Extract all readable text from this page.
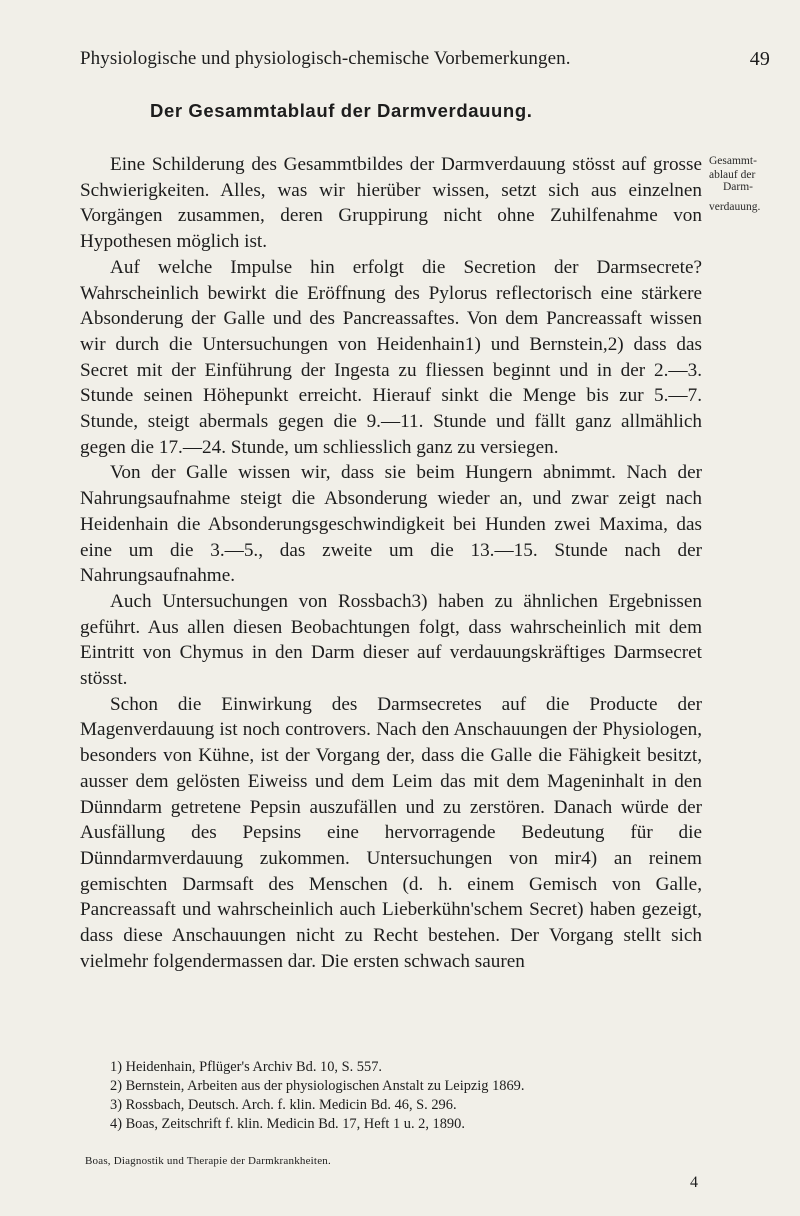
Physiologische und physiologisch-chemische Vorbemerkungen.	49
Der Gesammtablauf der Darmverdauung.
Gesammt-
ablauf der
Darm-
verdauung.

Eine Schilderung des Gesammtbildes der Darmverdauung stösst auf grosse Schwierigkeiten. Alles, was wir hierüber wissen, setzt sich aus einzelnen Vorgängen zusammen, deren Gruppirung nicht ohne Zuhilfenahme von Hypothesen möglich ist.

Auf welche Impulse hin erfolgt die Secretion der Darmsecrete? Wahrscheinlich bewirkt die Eröffnung des Pylorus reflectorisch eine stärkere Absonderung der Galle und des Pancreassaftes. Von dem Pancreassaft wissen wir durch die Untersuchungen von Heidenhain1) und Bernstein,2) dass das Secret mit der Einführung der Ingesta zu fliessen beginnt und in der 2.—3. Stunde seinen Höhepunkt erreicht. Hierauf sinkt die Menge bis zur 5.—7. Stunde, steigt abermals gegen die 9.—11. Stunde und fällt ganz allmählich gegen die 17.—24. Stunde, um schliesslich ganz zu versiegen.

Von der Galle wissen wir, dass sie beim Hungern abnimmt. Nach der Nahrungsaufnahme steigt die Absonderung wieder an, und zwar zeigt nach Heidenhain die Absonderungsgeschwindigkeit bei Hunden zwei Maxima, das eine um die 3.—5., das zweite um die 13.—15. Stunde nach der Nahrungsaufnahme.

Auch Untersuchungen von Rossbach3) haben zu ähnlichen Ergebnissen geführt. Aus allen diesen Beobachtungen folgt, dass wahrscheinlich mit dem Eintritt von Chymus in den Darm dieser auf verdauungskräftiges Darmsecret stösst.

Schon die Einwirkung des Darmsecretes auf die Producte der Magenverdauung ist noch controvers. Nach den Anschauungen der Physiologen, besonders von Kühne, ist der Vorgang der, dass die Galle die Fähigkeit besitzt, ausser dem gelösten Eiweiss und dem Leim das mit dem Mageninhalt in den Dünndarm getretene Pepsin auszufällen und zu zerstören. Danach würde der Ausfällung des Pepsins eine hervorragende Bedeutung für die Dünndarmverdauung zukommen. Untersuchungen von mir4) an reinem gemischten Darmsaft des Menschen (d. h. einem Gemisch von Galle, Pancreassaft und wahrscheinlich auch Lieberkühn'schem Secret) haben gezeigt, dass diese Anschauungen nicht zu Recht bestehen. Der Vorgang stellt sich vielmehr folgendermassen dar. Die ersten schwach sauren

1) Heidenhain, Pflüger's Archiv Bd. 10, S. 557.
2) Bernstein, Arbeiten aus der physiologischen Anstalt zu Leipzig 1869.
3) Rossbach, Deutsch. Arch. f. klin. Medicin Bd. 46, S. 296.
4) Boas, Zeitschrift f. klin. Medicin Bd. 17, Heft 1 u. 2, 1890.
Boas, Diagnostik und Therapie der Darmkrankheiten.
4
